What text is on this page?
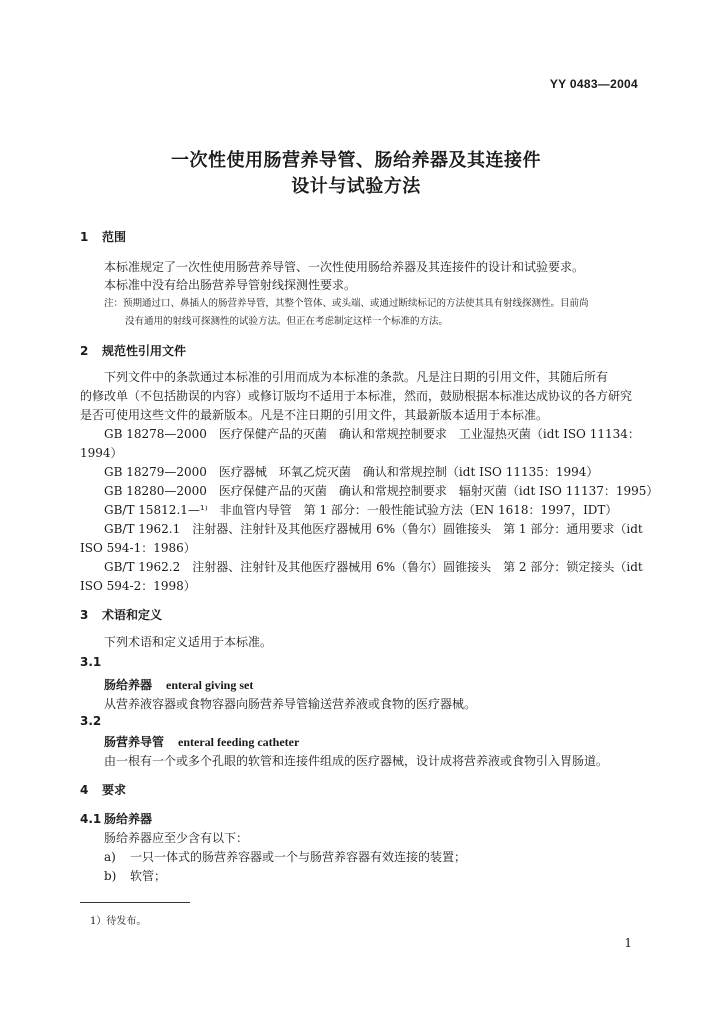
YY 0483—2004
一次性使用肠营养导管、肠给养器及其连接件
设计与试验方法
1 范围
本标准规定了一次性使用肠营养导管、一次性使用肠给养器及其连接件的设计和试验要求。
本标准中没有给出肠营养导管射线探测性要求。
注：预期通过口、鼻插人的肠营养导管，其整个管体、或头端、或通过断续标记的方法使其具有射线探测性。目前尚
没有通用的射线可探测性的试验方法。但正在考虑制定这样一个标准的方法。
2 规范性引用文件
下列文件中的条款通过本标准的引用而成为本标准的条款。凡是注日期的引用文件，其随后所有
的修改单（不包括勘误的内容）或修订版均不适用于本标准，然而，鼓励根据本标准达成协议的各方研究
是否可使用这些文件的最新版本。凡是不注日期的引用文件，其最新版本适用于本标准。
GB 18278—2000　医疗保健产品的灭菌　确认和常规控制要求　工业湿热灭菌（idt ISO 11134：
1994）
GB 18279—2000　医疗器械　环氧乙烷灭菌　确认和常规控制（idt ISO 11135：1994）
GB 18280—2000　医疗保健产品的灭菌　确认和常规控制要求　辐射灭菌（idt ISO 11137：1995）
GB/T 15812.1—¹⁾　非血管内导管　第 1 部分：一般性能试验方法（EN 1618：1997，IDT）
GB/T 1962.1　注射器、注射针及其他医疗器械用 6%（鲁尔）圆锥接头　第 1 部分：通用要求（idt
ISO 594-1：1986）
GB/T 1962.2　注射器、注射针及其他医疗器械用 6%（鲁尔）圆锥接头　第 2 部分：锁定接头（idt
ISO 594-2：1998）
3 术语和定义
下列术语和定义适用于本标准。
3.1
肠给养器 enteral giving set
从营养液容器或食物容器向肠营养导管输送营养液或食物的医疗器械。
3.2
肠营养导管 enteral feeding catheter
由一根有一个或多个孔眼的软管和连接件组成的医疗器械，设计成将营养液或食物引入胃肠道。
4 要求
4.1 肠给养器
肠给养器应至少含有以下：
a) 一只一体式的肠营养容器或一个与肠营养容器有效连接的装置；
b) 软管；
1）待发布。
1
